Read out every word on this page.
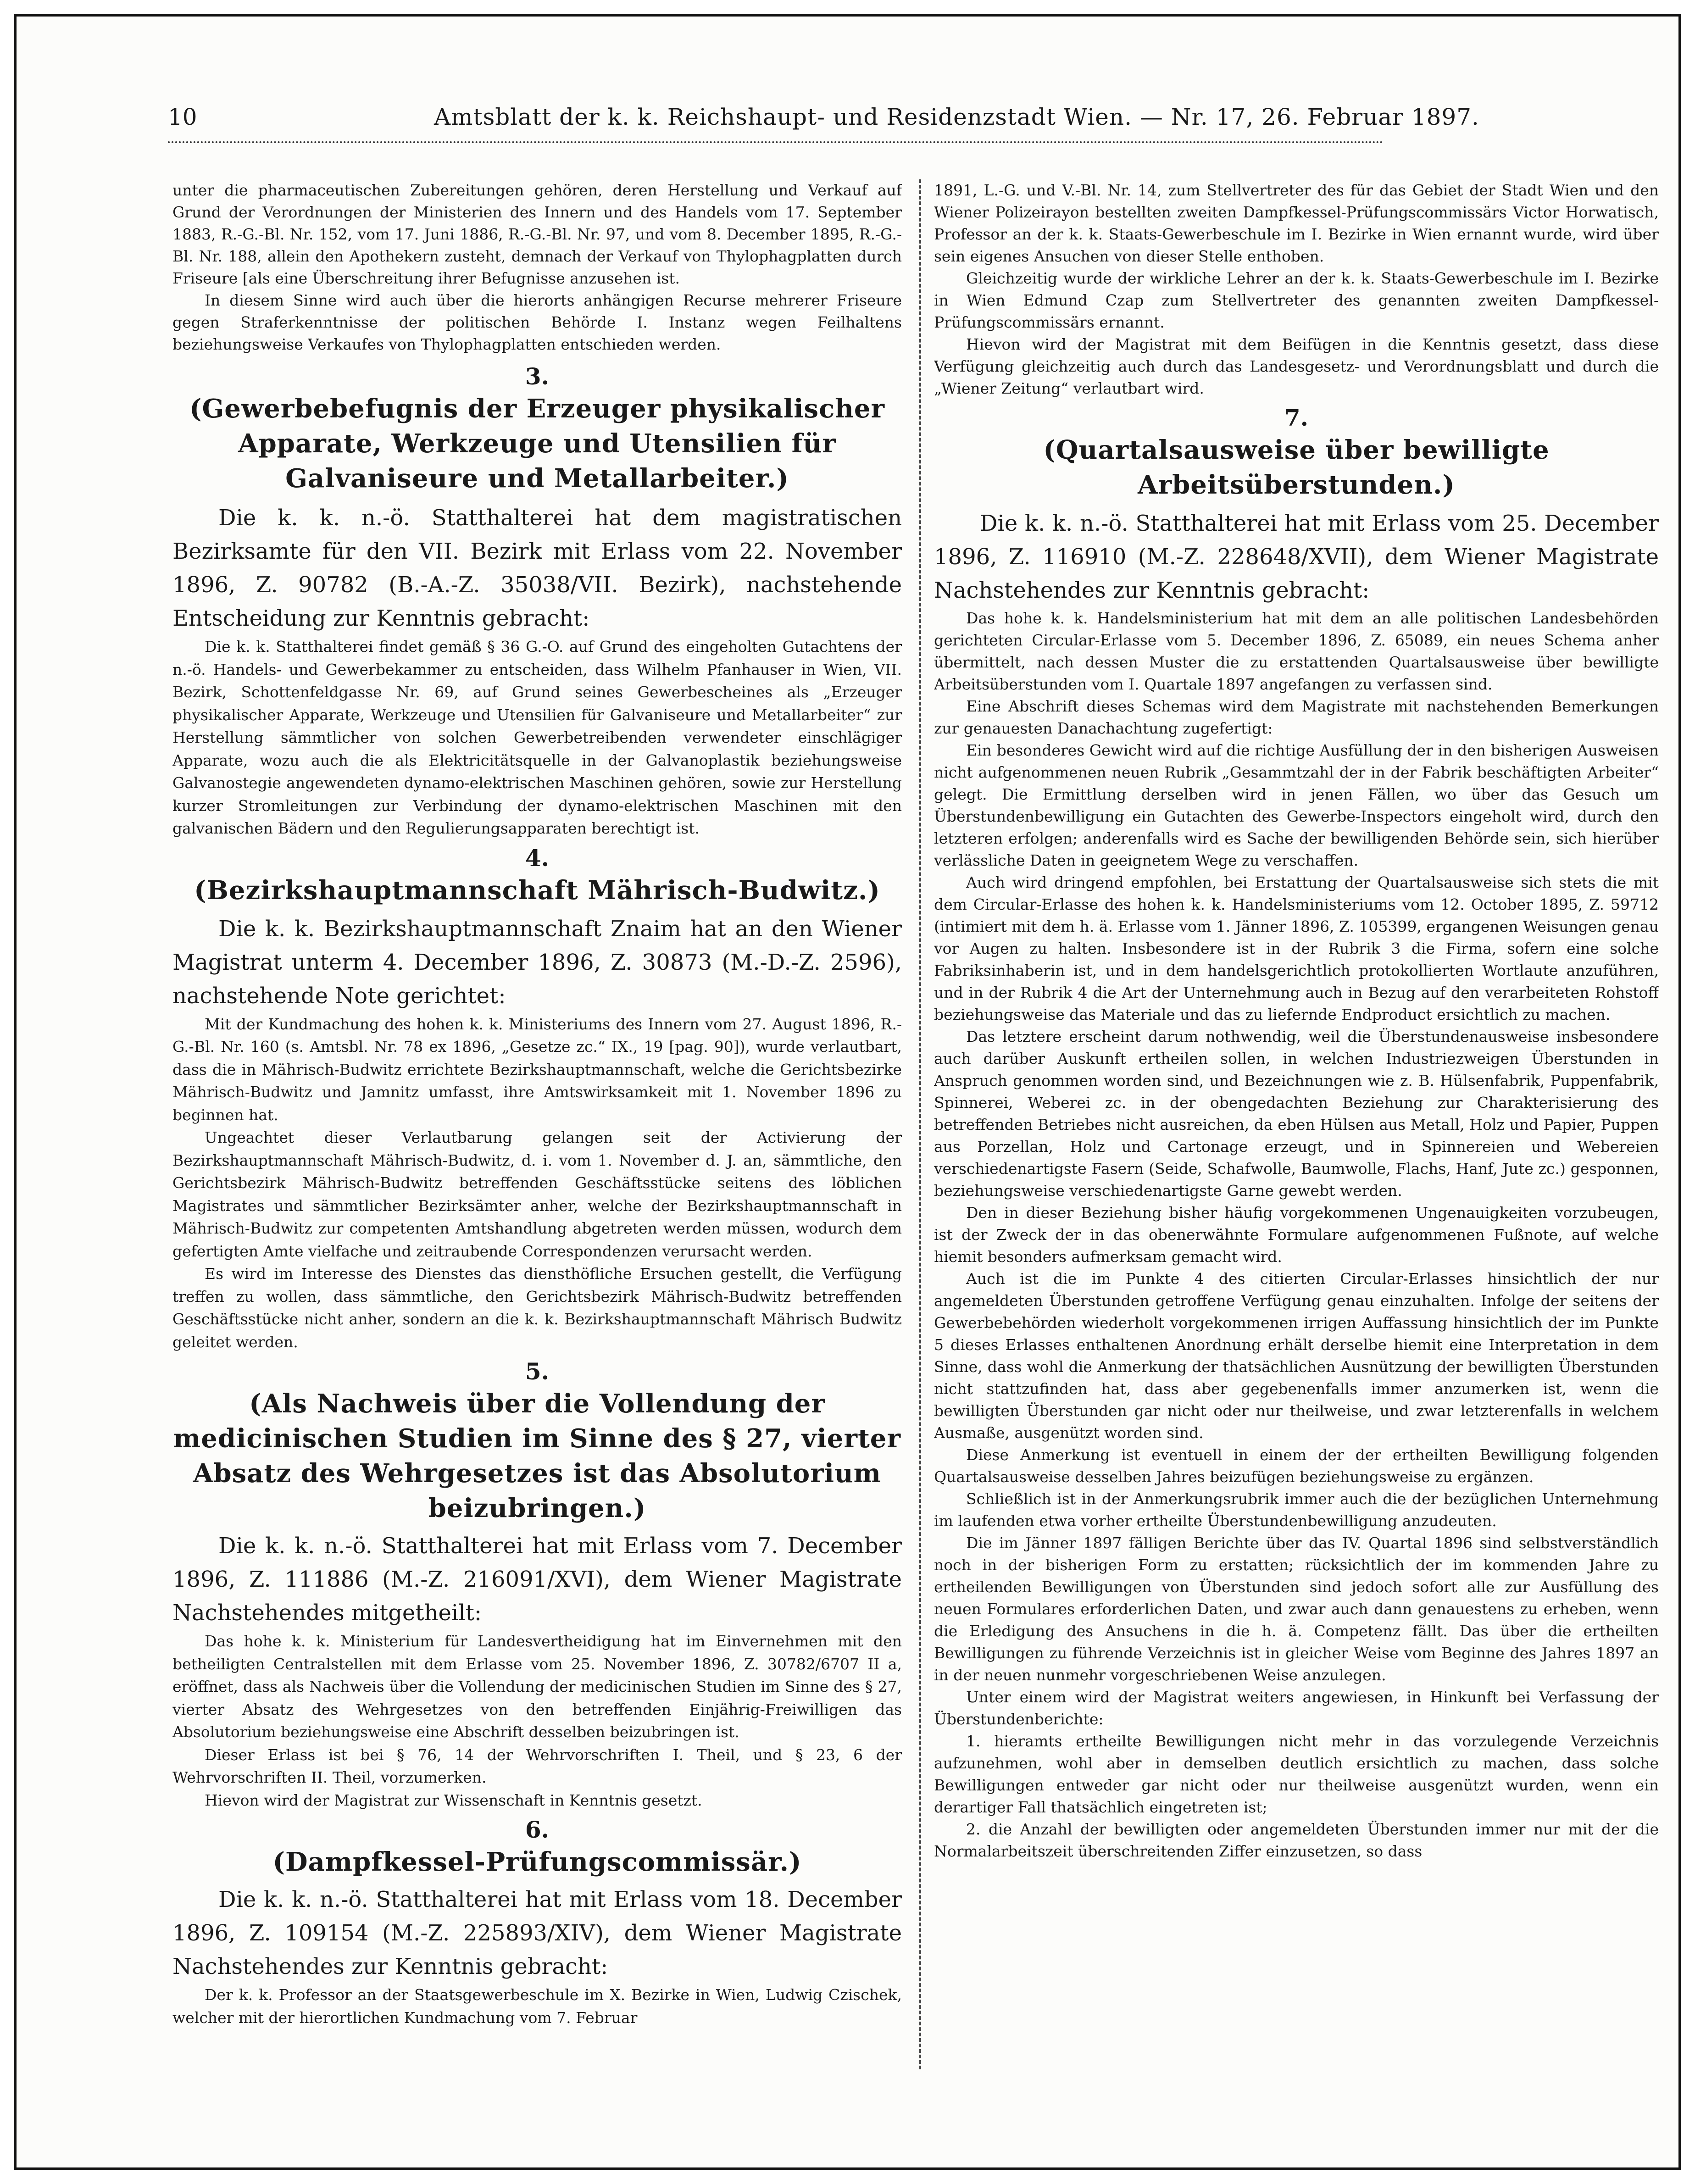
10	Amtsblatt der k. k. Reichshaupt- und Residenzstadt Wien. — Nr. 17, 26. Februar 1897.

unter die pharmaceutischen Zubereitungen gehören, deren Herstellung und Verkauf auf Grund der Verordnungen der Ministerien des Innern und des Handels vom 17. September 1883, R.-G.-Bl. Nr. 152, vom 17. Juni 1886, R.-G.-Bl. Nr. 97, und vom 8. December 1895, R.-G.-Bl. Nr. 188, allein den Apothekern zusteht, demnach der Verkauf von Thylophagplatten durch Friseure [als eine Überschreitung ihrer Befugnisse anzusehen ist.

In diesem Sinne wird auch über die hierorts anhängigen Recurse mehrerer Friseure gegen Straferkenntnisse der politischen Behörde I. Instanz wegen Feilhaltens beziehungsweise Verkaufes von Thylophagplatten entschieden werden.

3.
(Gewerbebefugnis der Erzeuger physikalischer Apparate, Werkzeuge und Utensilien für Galvaniseure und Metallarbeiter.)

Die k. k. n.-ö. Statthalterei hat dem magistratischen Bezirksamte für den VII. Bezirk mit Erlass vom 22. November 1896, Z. 90782 (B.-A.-Z. 35038/VII. Bezirk), nachstehende Entscheidung zur Kenntnis gebracht:

Die k. k. Statthalterei findet gemäß § 36 G.-O. auf Grund des eingeholten Gutachtens der n.-ö. Handels- und Gewerbekammer zu entscheiden, dass Wilhelm Pfanhauser in Wien, VII. Bezirk, Schottenfeldgasse Nr. 69, auf Grund seines Gewerbescheines als „Erzeuger physikalischer Apparate, Werkzeuge und Utensilien für Galvaniseure und Metallarbeiter“ zur Herstellung sämmtlicher von solchen Gewerbetreibenden verwendeter einschlägiger Apparate, wozu auch die als Elektricitätsquelle in der Galvanoplastik beziehungsweise Galvanostegie angewendeten dynamo-elektrischen Maschinen gehören, sowie zur Herstellung kurzer Stromleitungen zur Verbindung der dynamo-elektrischen Maschinen mit den galvanischen Bädern und den Regulierungsapparaten berechtigt ist.

4.
(Bezirkshauptmannschaft Mährisch-Budwitz.)

Die k. k. Bezirkshauptmannschaft Znaim hat an den Wiener Magistrat unterm 4. December 1896, Z. 30873 (M.-D.-Z. 2596), nachstehende Note gerichtet:

Mit der Kundmachung des hohen k. k. Ministeriums des Innern vom 27. August 1896, R.-G.-Bl. Nr. 160 (s. Amtsbl. Nr. 78 ex 1896, „Gesetze zc.“ IX., 19 [pag. 90]), wurde verlautbart, dass die in Mährisch-Budwitz errichtete Bezirkshauptmannschaft, welche die Gerichtsbezirke Mährisch-Budwitz und Jamnitz umfasst, ihre Amtswirksamkeit mit 1. November 1896 zu beginnen hat.

Ungeachtet dieser Verlautbarung gelangen seit der Activierung der Bezirkshauptmannschaft Mährisch-Budwitz, d. i. vom 1. November d. J. an, sämmtliche, den Gerichtsbezirk Mährisch-Budwitz betreffenden Geschäftsstücke seitens des löblichen Magistrates und sämmtlicher Bezirksämter anher, welche der Bezirkshauptmannschaft in Mährisch-Budwitz zur competenten Amtshandlung abgetreten werden müssen, wodurch dem gefertigten Amte vielfache und zeitraubende Correspondenzen verursacht werden.

Es wird im Interesse des Dienstes das diensthöfliche Ersuchen gestellt, die Verfügung treffen zu wollen, dass sämmtliche, den Gerichtsbezirk Mährisch-Budwitz betreffenden Geschäftsstücke nicht anher, sondern an die k. k. Bezirkshauptmannschaft Mährisch Budwitz geleitet werden.

5.
(Als Nachweis über die Vollendung der medicinischen Studien im Sinne des § 27, vierter Absatz des Wehrgesetzes ist das Absolutorium beizubringen.)

Die k. k. n.-ö. Statthalterei hat mit Erlass vom 7. December 1896, Z. 111886 (M.-Z. 216091/XVI), dem Wiener Magistrate Nachstehendes mitgetheilt:

Das hohe k. k. Ministerium für Landesvertheidigung hat im Einvernehmen mit den betheiligten Centralstellen mit dem Erlasse vom 25. November 1896, Z. 30782/6707 II a, eröffnet, dass als Nachweis über die Vollendung der medicinischen Studien im Sinne des § 27, vierter Absatz des Wehrgesetzes von den betreffenden Einjährig-Freiwilligen das Absolutorium beziehungsweise eine Abschrift desselben beizubringen ist.

Dieser Erlass ist bei § 76, 14 der Wehrvorschriften I. Theil, und § 23, 6 der Wehrvorschriften II. Theil, vorzumerken.

Hievon wird der Magistrat zur Wissenschaft in Kenntnis gesetzt.

6.
(Dampfkessel-Prüfungscommissär.)

Die k. k. n.-ö. Statthalterei hat mit Erlass vom 18. December 1896, Z. 109154 (M.-Z. 225893/XIV), dem Wiener Magistrate Nachstehendes zur Kenntnis gebracht:

Der k. k. Professor an der Staatsgewerbeschule im X. Bezirke in Wien, Ludwig Czischek, welcher mit der hierortlichen Kundmachung vom 7. Februar

1891, L.-G. und V.-Bl. Nr. 14, zum Stellvertreter des für das Gebiet der Stadt Wien und den Wiener Polizeirayon bestellten zweiten Dampfkessel-Prüfungscommissärs Victor Horwatisch, Professor an der k. k. Staats-Gewerbeschule im I. Bezirke in Wien ernannt wurde, wird über sein eigenes Ansuchen von dieser Stelle enthoben.

Gleichzeitig wurde der wirkliche Lehrer an der k. k. Staats-Gewerbeschule im I. Bezirke in Wien Edmund Czap zum Stellvertreter des genannten zweiten Dampfkessel-Prüfungscommissärs ernannt.

Hievon wird der Magistrat mit dem Beifügen in die Kenntnis gesetzt, dass diese Verfügung gleichzeitig auch durch das Landesgesetz- und Verordnungsblatt und durch die „Wiener Zeitung“ verlautbart wird.

7.
(Quartalsausweise über bewilligte Arbeitsüberstunden.)

Die k. k. n.-ö. Statthalterei hat mit Erlass vom 25. December 1896, Z. 116910 (M.-Z. 228648/XVII), dem Wiener Magistrate Nachstehendes zur Kenntnis gebracht:

Das hohe k. k. Handelsministerium hat mit dem an alle politischen Landesbehörden gerichteten Circular-Erlasse vom 5. December 1896, Z. 65089, ein neues Schema anher übermittelt, nach dessen Muster die zu erstattenden Quartalsausweise über bewilligte Arbeitsüberstunden vom I. Quartale 1897 angefangen zu verfassen sind.

Eine Abschrift dieses Schemas wird dem Magistrate mit nachstehenden Bemerkungen zur genauesten Danachachtung zugefertigt:

Ein besonderes Gewicht wird auf die richtige Ausfüllung der in den bisherigen Ausweisen nicht aufgenommenen neuen Rubrik „Gesammtzahl der in der Fabrik beschäftigten Arbeiter“ gelegt. Die Ermittlung derselben wird in jenen Fällen, wo über das Gesuch um Überstundenbewilligung ein Gutachten des Gewerbe-Inspectors eingeholt wird, durch den letzteren erfolgen; anderenfalls wird es Sache der bewilligenden Behörde sein, sich hierüber verlässliche Daten in geeignetem Wege zu verschaffen.

Auch wird dringend empfohlen, bei Erstattung der Quartalsausweise sich stets die mit dem Circular-Erlasse des hohen k. k. Handelsministeriums vom 12. October 1895, Z. 59712 (intimiert mit dem h. ä. Erlasse vom 1. Jänner 1896, Z. 105399, ergangenen Weisungen genau vor Augen zu halten. Insbesondere ist in der Rubrik 3 die Firma, sofern eine solche Fabriksinhaberin ist, und in dem handelsgerichtlich protokollierten Wortlaute anzuführen, und in der Rubrik 4 die Art der Unternehmung auch in Bezug auf den verarbeiteten Rohstoff beziehungsweise das Materiale und das zu liefernde Endproduct ersichtlich zu machen.

Das letztere erscheint darum nothwendig, weil die Überstundenausweise insbesondere auch darüber Auskunft ertheilen sollen, in welchen Industriezweigen Überstunden in Anspruch genommen worden sind, und Bezeichnungen wie z. B. Hülsenfabrik, Puppenfabrik, Spinnerei, Weberei zc. in der obengedachten Beziehung zur Charakterisierung des betreffenden Betriebes nicht ausreichen, da eben Hülsen aus Metall, Holz und Papier, Puppen aus Porzellan, Holz und Cartonage erzeugt, und in Spinnereien und Webereien verschiedenartigste Fasern (Seide, Schafwolle, Baumwolle, Flachs, Hanf, Jute zc.) gesponnen, beziehungsweise verschiedenartigste Garne gewebt werden.

Den in dieser Beziehung bisher häufig vorgekommenen Ungenauigkeiten vorzubeugen, ist der Zweck der in das obenerwähnte Formulare aufgenommenen Fußnote, auf welche hiemit besonders aufmerksam gemacht wird.

Auch ist die im Punkte 4 des citierten Circular-Erlasses hinsichtlich der nur angemeldeten Überstunden getroffene Verfügung genau einzuhalten. Infolge der seitens der Gewerbebehörden wiederholt vorgekommenen irrigen Auffassung hinsichtlich der im Punkte 5 dieses Erlasses enthaltenen Anordnung erhält derselbe hiemit eine Interpretation in dem Sinne, dass wohl die Anmerkung der thatsächlichen Ausnützung der bewilligten Überstunden nicht stattzufinden hat, dass aber gegebenenfalls immer anzumerken ist, wenn die bewilligten Überstunden gar nicht oder nur theilweise, und zwar letzterenfalls in welchem Ausmaße, ausgenützt worden sind.

Diese Anmerkung ist eventuell in einem der der ertheilten Bewilligung folgenden Quartalsausweise desselben Jahres beizufügen beziehungsweise zu ergänzen.

Schließlich ist in der Anmerkungsrubrik immer auch die der bezüglichen Unternehmung im laufenden etwa vorher ertheilte Überstundenbewilligung anzudeuten.

Die im Jänner 1897 fälligen Berichte über das IV. Quartal 1896 sind selbstverständlich noch in der bisherigen Form zu erstatten; rücksichtlich der im kommenden Jahre zu ertheilenden Bewilligungen von Überstunden sind jedoch sofort alle zur Ausfüllung des neuen Formulares erforderlichen Daten, und zwar auch dann genauestens zu erheben, wenn die Erledigung des Ansuchens in die h. ä. Competenz fällt. Das über die ertheilten Bewilligungen zu führende Verzeichnis ist in gleicher Weise vom Beginne des Jahres 1897 an in der neuen nunmehr vorgeschriebenen Weise anzulegen.

Unter einem wird der Magistrat weiters angewiesen, in Hinkunft bei Verfassung der Überstundenberichte:

1. hieramts ertheilte Bewilligungen nicht mehr in das vorzulegende Verzeichnis aufzunehmen, wohl aber in demselben deutlich ersichtlich zu machen, dass solche Bewilligungen entweder gar nicht oder nur theilweise ausgenützt wurden, wenn ein derartiger Fall thatsächlich eingetreten ist;

2. die Anzahl der bewilligten oder angemeldeten Überstunden immer nur mit der die Normalarbeitszeit überschreitenden Ziffer einzusetzen, so dass
